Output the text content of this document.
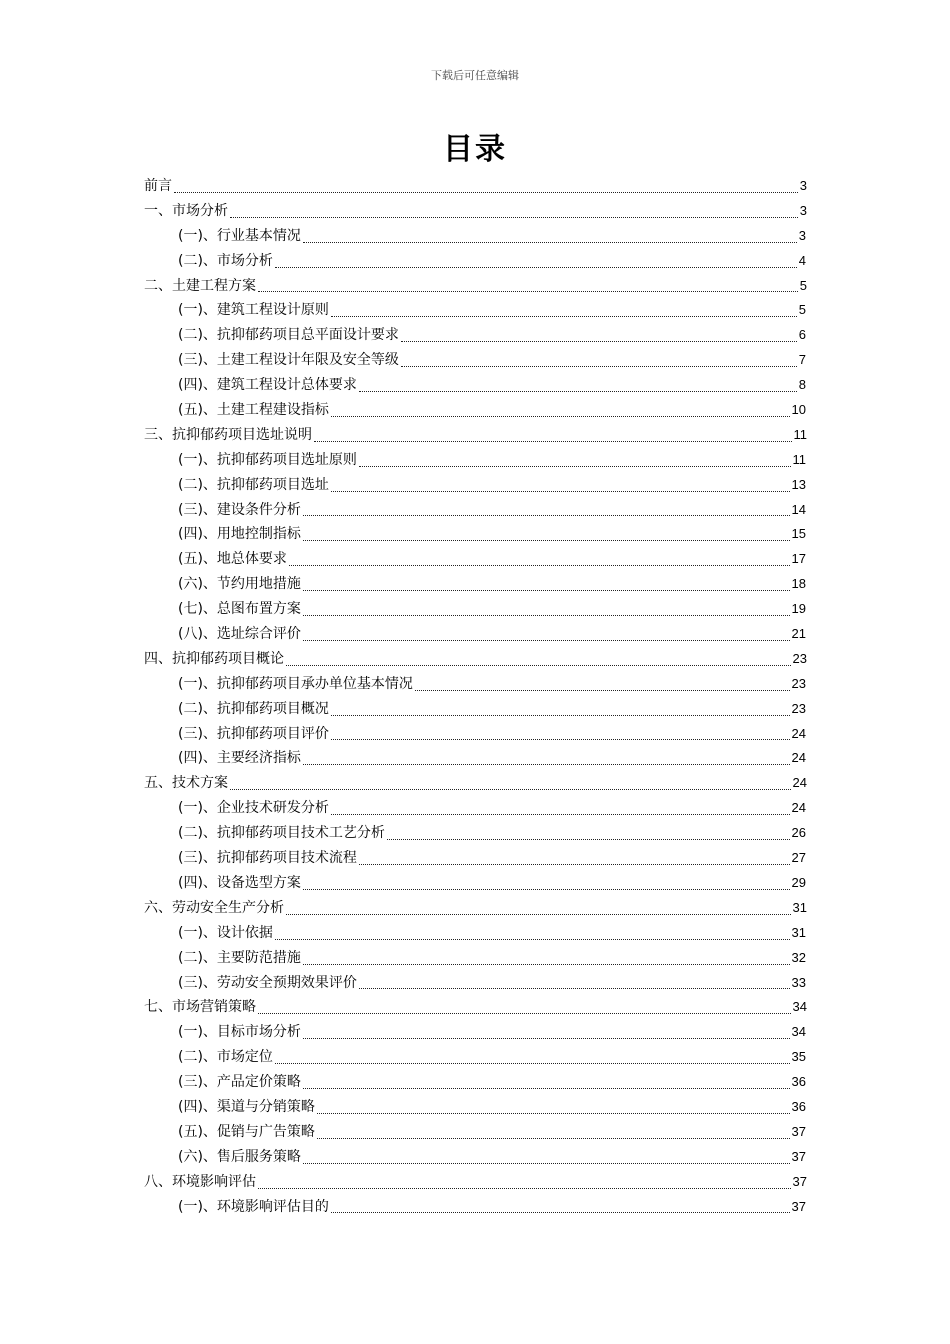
下载后可任意编辑
目录
前言	3
一、市场分析	3
(一)、行业基本情况	3
(二)、市场分析	4
二、土建工程方案	5
(一)、建筑工程设计原则	5
(二)、抗抑郁药项目总平面设计要求	6
(三)、土建工程设计年限及安全等级	7
(四)、建筑工程设计总体要求	8
(五)、土建工程建设指标	10
三、抗抑郁药项目选址说明	11
(一)、抗抑郁药项目选址原则	11
(二)、抗抑郁药项目选址	13
(三)、建设条件分析	14
(四)、用地控制指标	15
(五)、地总体要求	17
(六)、节约用地措施	18
(七)、总图布置方案	19
(八)、选址综合评价	21
四、抗抑郁药项目概论	23
(一)、抗抑郁药项目承办单位基本情况	23
(二)、抗抑郁药项目概况	23
(三)、抗抑郁药项目评价	24
(四)、主要经济指标	24
五、技术方案	24
(一)、企业技术研发分析	24
(二)、抗抑郁药项目技术工艺分析	26
(三)、抗抑郁药项目技术流程	27
(四)、设备选型方案	29
六、劳动安全生产分析	31
(一)、设计依据	31
(二)、主要防范措施	32
(三)、劳动安全预期效果评价	33
七、市场营销策略	34
(一)、目标市场分析	34
(二)、市场定位	35
(三)、产品定价策略	36
(四)、渠道与分销策略	36
(五)、促销与广告策略	37
(六)、售后服务策略	37
八、环境影响评估	37
(一)、环境影响评估目的	37
